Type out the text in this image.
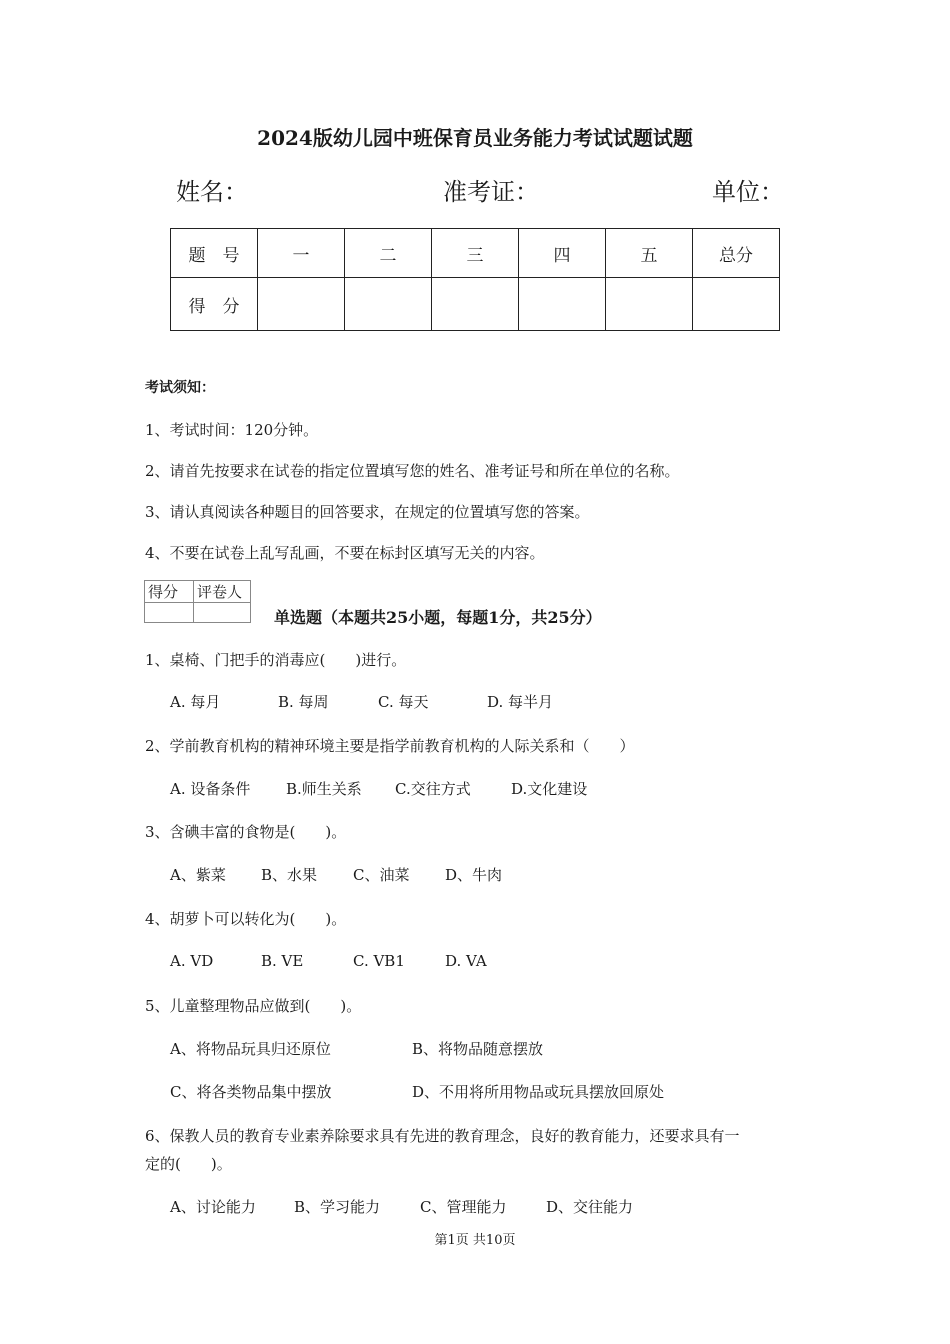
2024版幼儿园中班保育员业务能力考试试题试题
姓名：	准考证：	单位：
题　号	一	二	三	四	五	总分
得　分						
考试须知：
1、考试时间：120分钟。
2、请首先按要求在试卷的指定位置填写您的姓名、准考证号和所在单位的名称。
3、请认真阅读各种题目的回答要求，在规定的位置填写您的答案。
4、不要在试卷上乱写乱画，不要在标封区填写无关的内容。
得分	评卷人

单选题（本题共25小题，每题1分，共25分）
1、桌椅、门把手的消毒应(　　)进行。
A. 每月	B. 每周	C. 每天	D. 每半月
2、学前教育机构的精神环境主要是指学前教育机构的人际关系和（　　）
A. 设备条件 B.师生关系 C.交往方式	D.文化建设
3、含碘丰富的食物是(　　)。
A、紫菜 B、水果 C、油菜 D、牛肉
4、胡萝卜可以转化为(　　)。
A. VD	B. VE	C. VB1	D. VA
5、儿童整理物品应做到(　　)。
A、将物品玩具归还原位	B、将物品随意摆放
C、将各类物品集中摆放	D、不用将所用物品或玩具摆放回原处
6、保教人员的教育专业素养除要求具有先进的教育理念，良好的教育能力，还要求具有一
定的(　　)。
A、讨论能力	B、学习能力	C、管理能力	D、交往能力
第1页 共10页
